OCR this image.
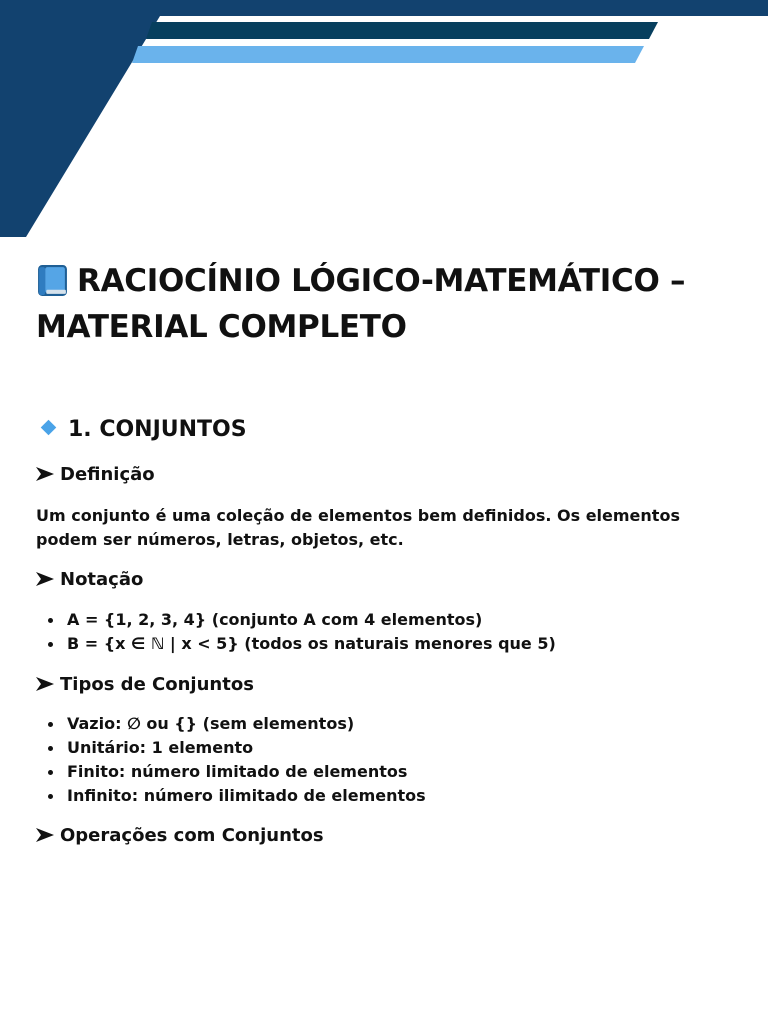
RACIOCÍNIO LÓGICO-MATEMÁTICO – MATERIAL COMPLETO
1. CONJUNTOS
Definição

Um conjunto é uma coleção de elementos bem definidos. Os elementos podem ser números, letras, objetos, etc.

Notação
A = {1, 2, 3, 4} (conjunto A com 4 elementos)
B = {x ∈ ℕ | x < 5} (todos os naturais menores que 5)
Tipos de Conjuntos
Vazio: ∅ ou {} (sem elementos)
Unitário: 1 elemento
Finito: número limitado de elementos
Infinito: número ilimitado de elementos
Operações com Conjuntos
